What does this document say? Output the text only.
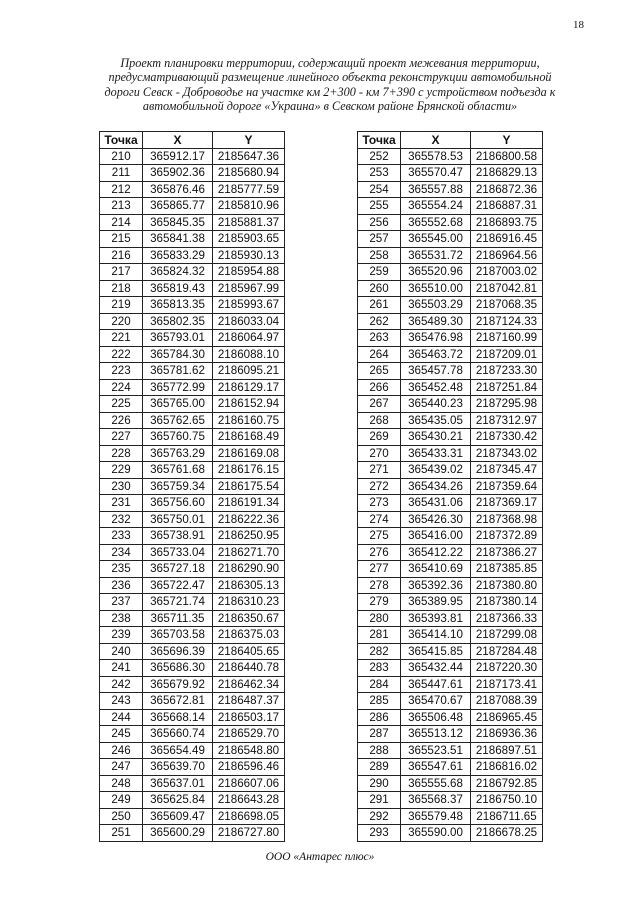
18
Проект планировки территории, содержащий проект межевания территории,
предусматривающий размещение линейного объекта реконструкции автомобильной
дороги Севск - Доброводье на участке км 2+300 - км 7+390 с устройством подъезда к
автомобильной дороге «Украина» в Севском районе Брянской области»
Точка	X	Y
210	365912.17	2185647.36
211	365902.36	2185680.94
212	365876.46	2185777.59
213	365865.77	2185810.96
214	365845.35	2185881.37
215	365841.38	2185903.65
216	365833.29	2185930.13
217	365824.32	2185954.88
218	365819.43	2185967.99
219	365813.35	2185993.67
220	365802.35	2186033.04
221	365793.01	2186064.97
222	365784.30	2186088.10
223	365781.62	2186095.21
224	365772.99	2186129.17
225	365765.00	2186152.94
226	365762.65	2186160.75
227	365760.75	2186168.49
228	365763.29	2186169.08
229	365761.68	2186176.15
230	365759.34	2186175.54
231	365756.60	2186191.34
232	365750.01	2186222.36
233	365738.91	2186250.95
234	365733.04	2186271.70
235	365727.18	2186290.90
236	365722.47	2186305.13
237	365721.74	2186310.23
238	365711.35	2186350.67
239	365703.58	2186375.03
240	365696.39	2186405.65
241	365686.30	2186440.78
242	365679.92	2186462.34
243	365672.81	2186487.37
244	365668.14	2186503.17
245	365660.74	2186529.70
246	365654.49	2186548.80
247	365639.70	2186596.46
248	365637.01	2186607.06
249	365625.84	2186643.28
250	365609.47	2186698.05
251	365600.29	2186727.80
Точка	X	Y
252	365578.53	2186800.58
253	365570.47	2186829.13
254	365557.88	2186872.36
255	365554.24	2186887.31
256	365552.68	2186893.75
257	365545.00	2186916.45
258	365531.72	2186964.56
259	365520.96	2187003.02
260	365510.00	2187042.81
261	365503.29	2187068.35
262	365489.30	2187124.33
263	365476.98	2187160.99
264	365463.72	2187209.01
265	365457.78	2187233.30
266	365452.48	2187251.84
267	365440.23	2187295.98
268	365435.05	2187312.97
269	365430.21	2187330.42
270	365433.31	2187343.02
271	365439.02	2187345.47
272	365434.26	2187359.64
273	365431.06	2187369.17
274	365426.30	2187368.98
275	365416.00	2187372.89
276	365412.22	2187386.27
277	365410.69	2187385.85
278	365392.36	2187380.80
279	365389.95	2187380.14
280	365393.81	2187366.33
281	365414.10	2187299.08
282	365415.85	2187284.48
283	365432.44	2187220.30
284	365447.61	2187173.41
285	365470.67	2187088.39
286	365506.48	2186965.45
287	365513.12	2186936.36
288	365523.51	2186897.51
289	365547.61	2186816.02
290	365555.68	2186792.85
291	365568.37	2186750.10
292	365579.48	2186711.65
293	365590.00	2186678.25
ООО «Антарес плюс»
